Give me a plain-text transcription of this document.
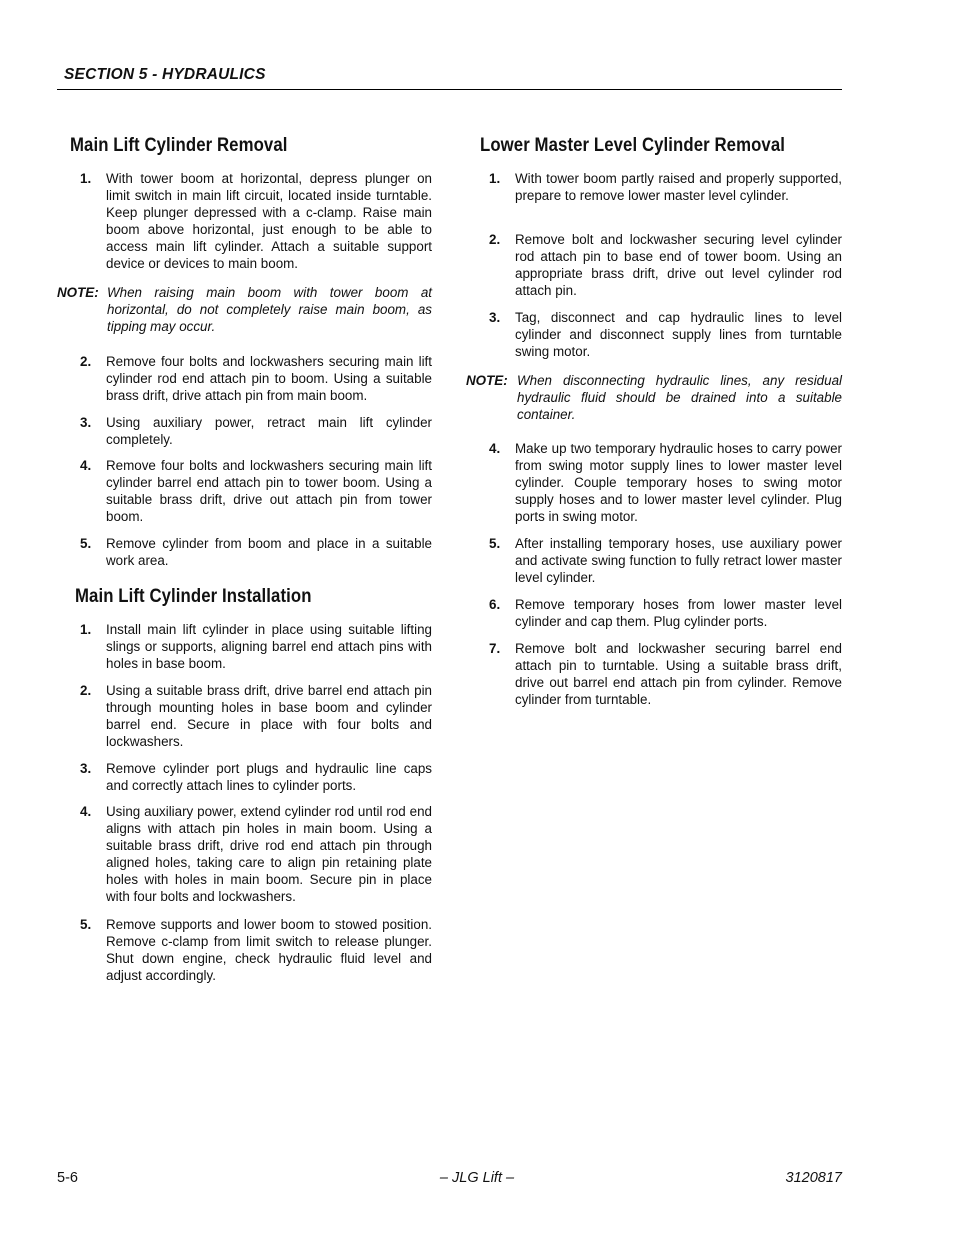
SECTION 5 - HYDRAULICS

Main Lift Cylinder Removal
1. With tower boom at horizontal, depress plunger on limit switch in main lift circuit, located inside turntable. Keep plunger depressed with a c-clamp. Raise main boom above horizontal, just enough to be able to access main lift cylinder. Attach a suitable support device or devices to main boom.
NOTE: When raising main boom with tower boom at horizontal, do not completely raise main boom, as tipping may occur.
2. Remove four bolts and lockwashers securing main lift cylinder rod end attach pin to boom. Using a suitable brass drift, drive attach pin from main boom.
3. Using auxiliary power, retract main lift cylinder completely.
4. Remove four bolts and lockwashers securing main lift cylinder barrel end attach pin to tower boom. Using a suitable brass drift, drive out attach pin from tower boom.
5. Remove cylinder from boom and place in a suitable work area.
Main Lift Cylinder Installation
1. Install main lift cylinder in place using suitable lifting slings or supports, aligning barrel end attach pins with holes in base boom.
2. Using a suitable brass drift, drive barrel end attach pin through mounting holes in base boom and cylinder barrel end. Secure in place with four bolts and lockwashers.
3. Remove cylinder port plugs and hydraulic line caps and correctly attach lines to cylinder ports.
4. Using auxiliary power, extend cylinder rod until rod end aligns with attach pin holes in main boom. Using a suitable brass drift, drive rod end attach pin through aligned holes, taking care to align pin retaining plate holes with holes in main boom. Secure pin in place with four bolts and lockwashers.
5. Remove supports and lower boom to stowed position. Remove c-clamp from limit switch to release plunger. Shut down engine, check hydraulic fluid level and adjust accordingly.
Lower Master Level Cylinder Removal
1. With tower boom partly raised and properly supported, prepare to remove lower master level cylinder.
2. Remove bolt and lockwasher securing level cylinder rod attach pin to base end of tower boom. Using an appropriate brass drift, drive out level cylinder rod attach pin.
3. Tag, disconnect and cap hydraulic lines to level cylinder and disconnect supply lines from turntable swing motor.
NOTE: When disconnecting hydraulic lines, any residual hydraulic fluid should be drained into a suitable container.
4. Make up two temporary hydraulic hoses to carry power from swing motor supply lines to lower master level cylinder. Couple temporary hoses to swing motor supply hoses and to lower master level cylinder. Plug ports in swing motor.
5. After installing temporary hoses, use auxiliary power and activate swing function to fully retract lower master level cylinder.
6. Remove temporary hoses from lower master level cylinder and cap them. Plug cylinder ports.
7. Remove bolt and lockwasher securing barrel end attach pin to turntable. Using a suitable brass drift, drive out barrel end attach pin from cylinder. Remove cylinder from turntable.
5-6	– JLG Lift –	3120817
